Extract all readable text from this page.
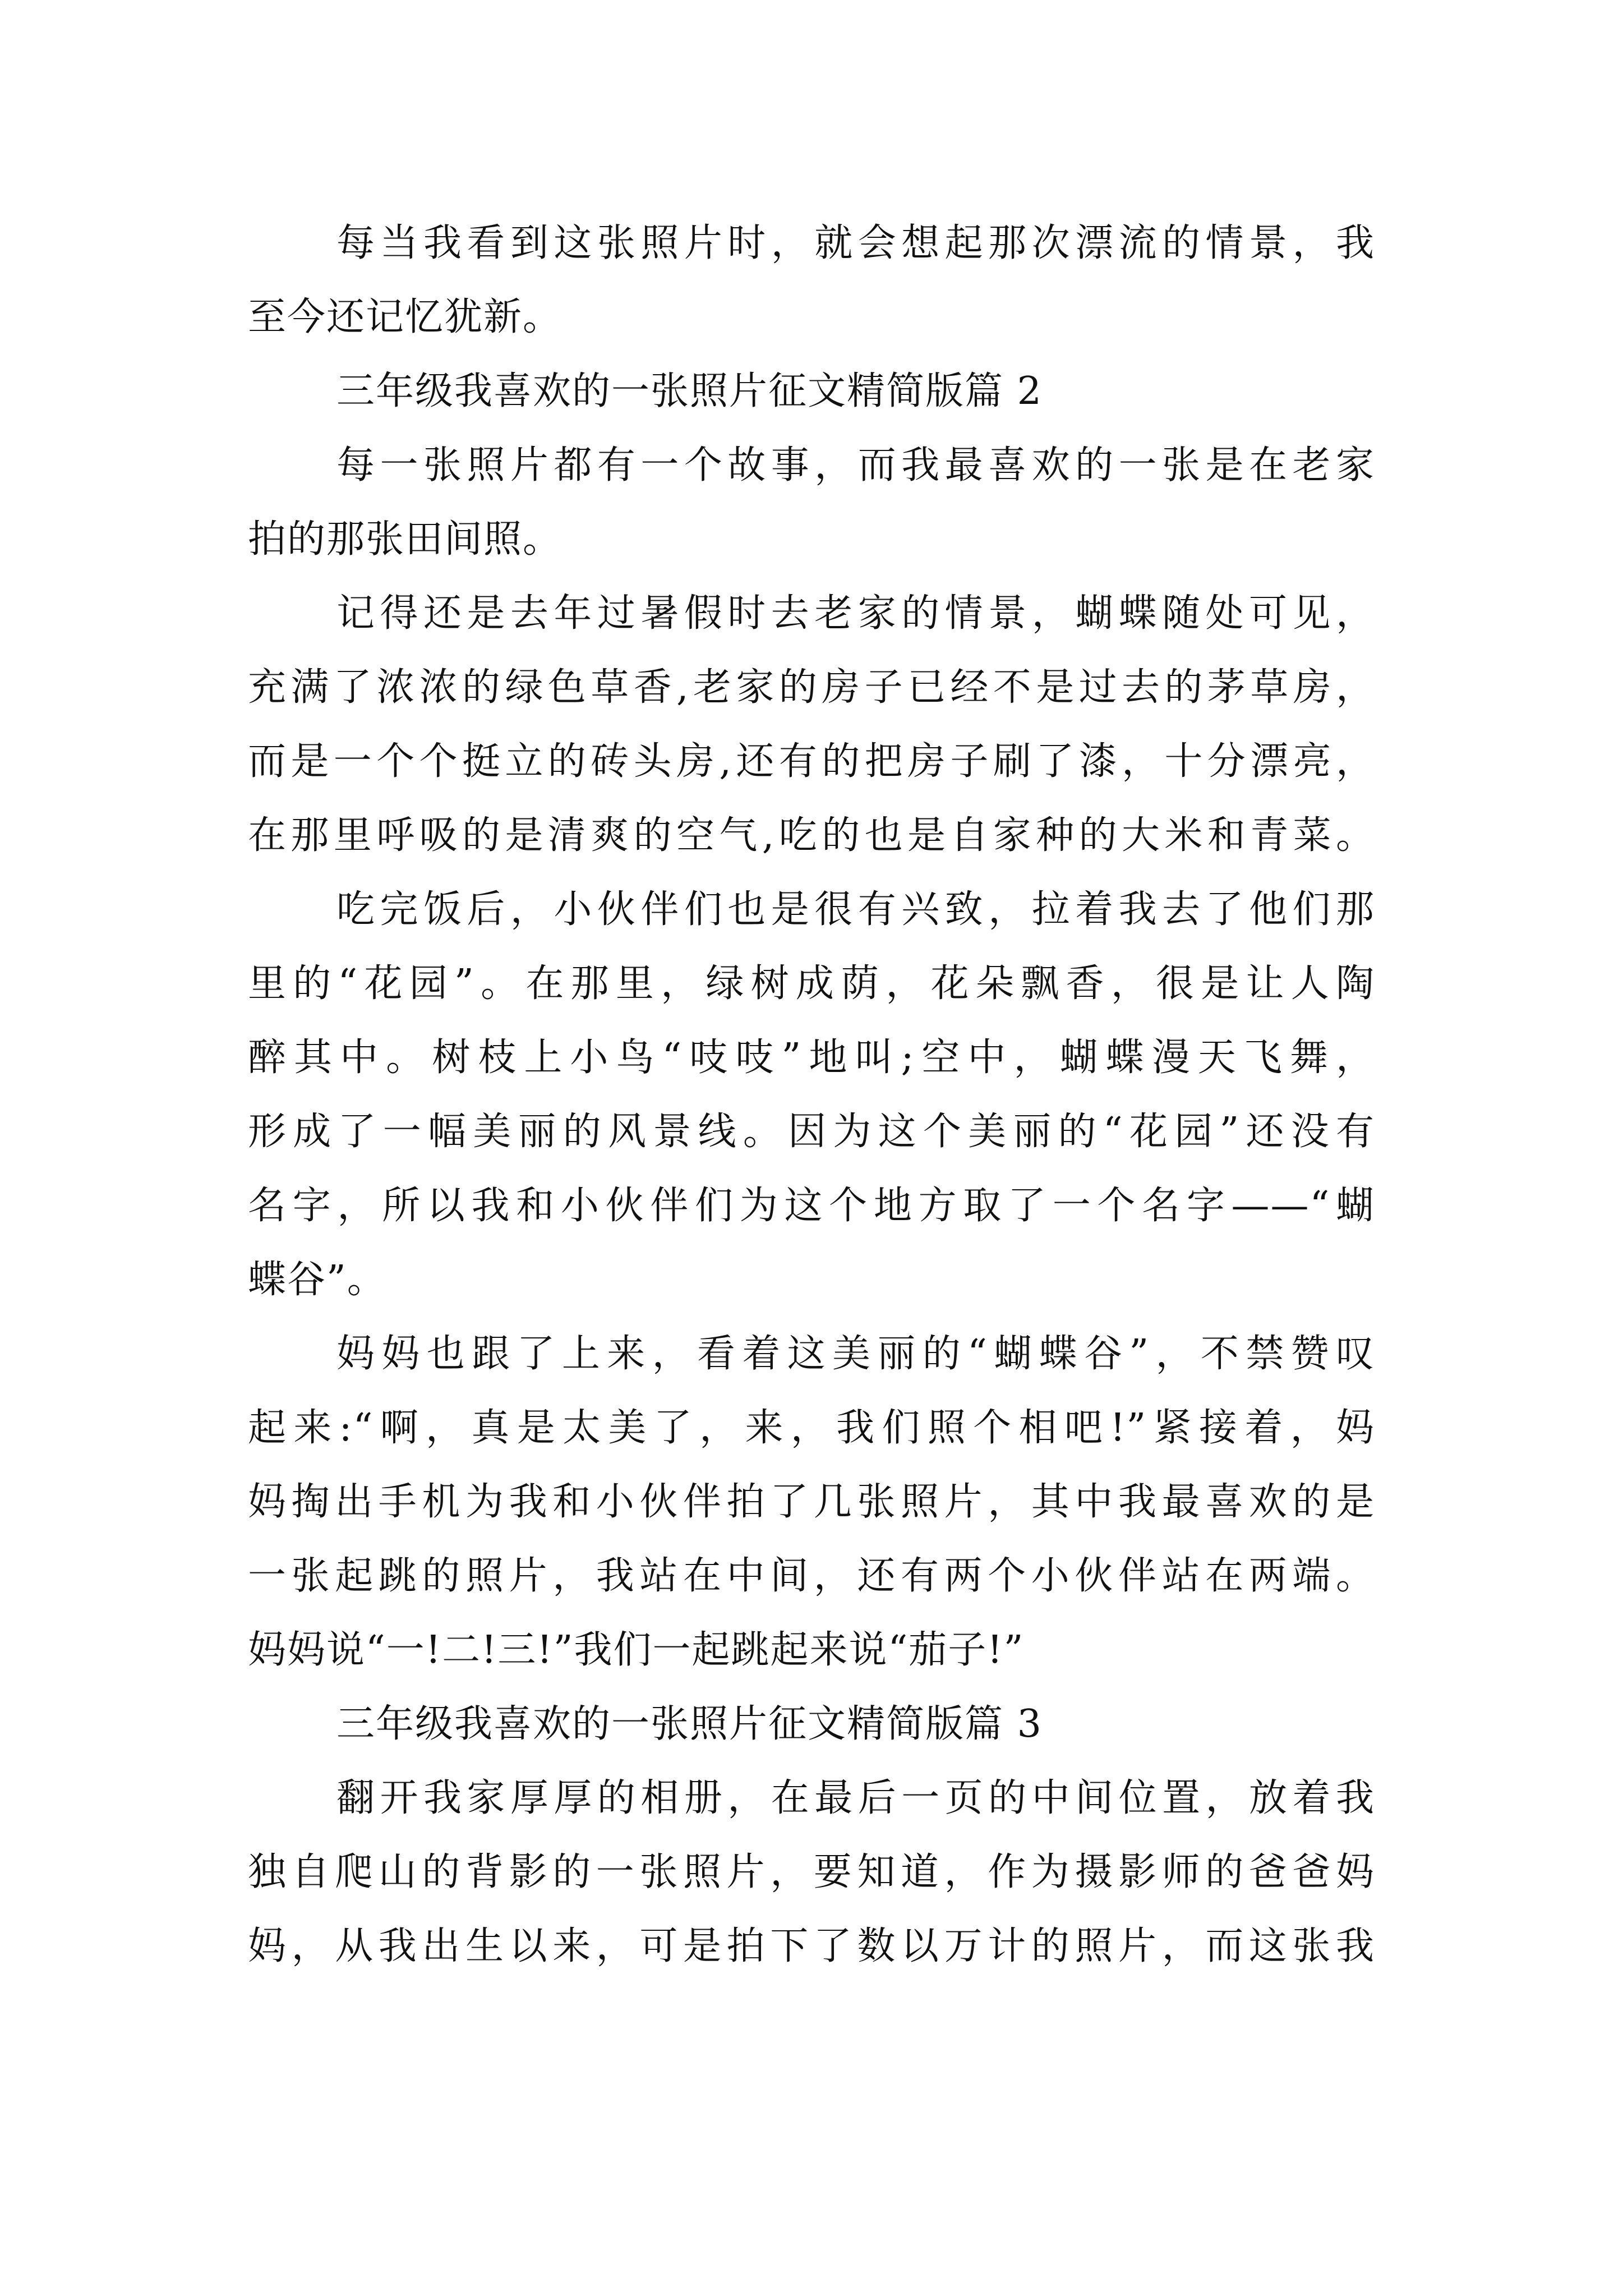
每当我看到这张照片时，就会想起那次漂流的情景，我
至今还记忆犹新。
三年级我喜欢的一张照片征文精简版篇 2
每一张照片都有一个故事，而我最喜欢的一张是在老家
拍的那张田间照。
记得还是去年过暑假时去老家的情景，蝴蝶随处可见，
充满了浓浓的绿色草香,老家的房子已经不是过去的茅草房，
而是一个个挺立的砖头房,还有的把房子刷了漆，十分漂亮，
在那里呼吸的是清爽的空气,吃的也是自家种的大米和青菜。
吃完饭后，小伙伴们也是很有兴致，拉着我去了他们那
里的“花园”。在那里，绿树成荫，花朵飘香，很是让人陶
醉其中。树枝上小鸟“吱吱”地叫;空中，蝴蝶漫天飞舞，
形成了一幅美丽的风景线。因为这个美丽的“花园”还没有
名字，所以我和小伙伴们为这个地方取了一个名字——“蝴
蝶谷”。
妈妈也跟了上来，看着这美丽的“蝴蝶谷”，不禁赞叹
起来:“啊，真是太美了，来，我们照个相吧!”紧接着，妈
妈掏出手机为我和小伙伴拍了几张照片，其中我最喜欢的是
一张起跳的照片，我站在中间，还有两个小伙伴站在两端。
妈妈说“一!二!三!”我们一起跳起来说“茄子!”
三年级我喜欢的一张照片征文精简版篇 3
翻开我家厚厚的相册，在最后一页的中间位置，放着我
独自爬山的背影的一张照片，要知道，作为摄影师的爸爸妈
妈，从我出生以来，可是拍下了数以万计的照片，而这张我
